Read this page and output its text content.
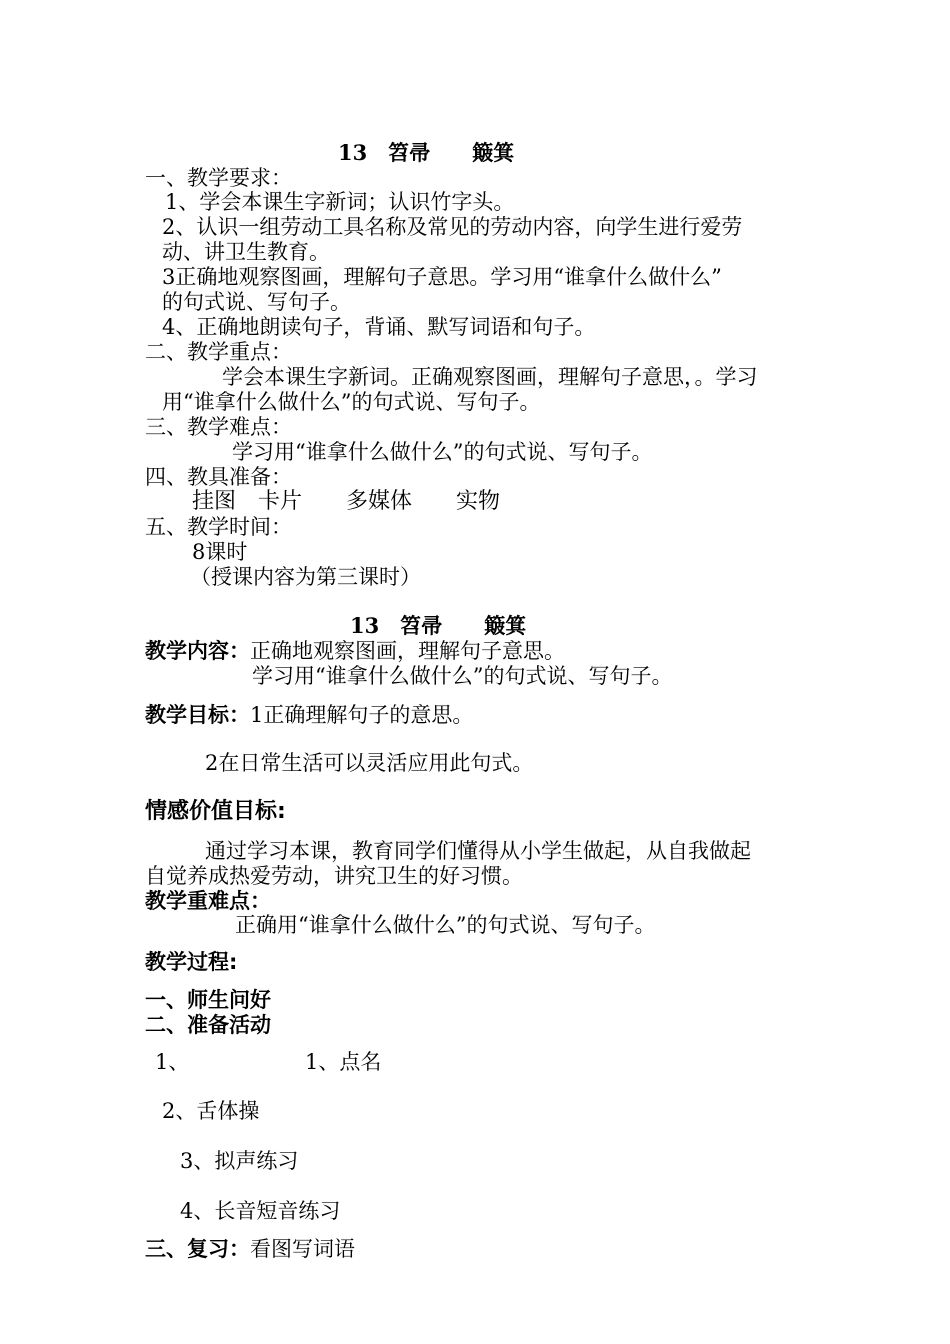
13　笤帚　　簸箕
一、教学要求：
1、学会本课生字新词；认识竹字头。
2、认识一组劳动工具名称及常见的劳动内容，向学生进行爱劳
动、讲卫生教育。
3正确地观察图画，理解句子意思。学习用“谁拿什么做什么”
的句式说、写句子。
4、正确地朗读句子，背诵、默写词语和句子。
二、教学重点：
学会本课生字新词。正确观察图画，理解句子意思，。学习
用“谁拿什么做什么”的句式说、写句子。
三、教学难点：
学习用“谁拿什么做什么”的句式说、写句子。
四、教具准备：
挂图　卡片　　多媒体　　实物
五、教学时间：
8课时
（授课内容为第三课时）
13　笤帚　　簸箕
教学内容：正确地观察图画，理解句子意思。
学习用“谁拿什么做什么”的句式说、写句子。
教学目标：1正确理解句子的意思。
2在日常生活可以灵活应用此句式。
情感价值目标:
通过学习本课，教育同学们懂得从小学生做起，从自我做起
自觉养成热爱劳动，讲究卫生的好习惯。
教学重难点：
正确用“谁拿什么做什么”的句式说、写句子。
教学过程:
一、师生问好
二、准备活动
1、	1、点名
2、舌体操
3、拟声练习
4、长音短音练习
三、复习：看图写词语
